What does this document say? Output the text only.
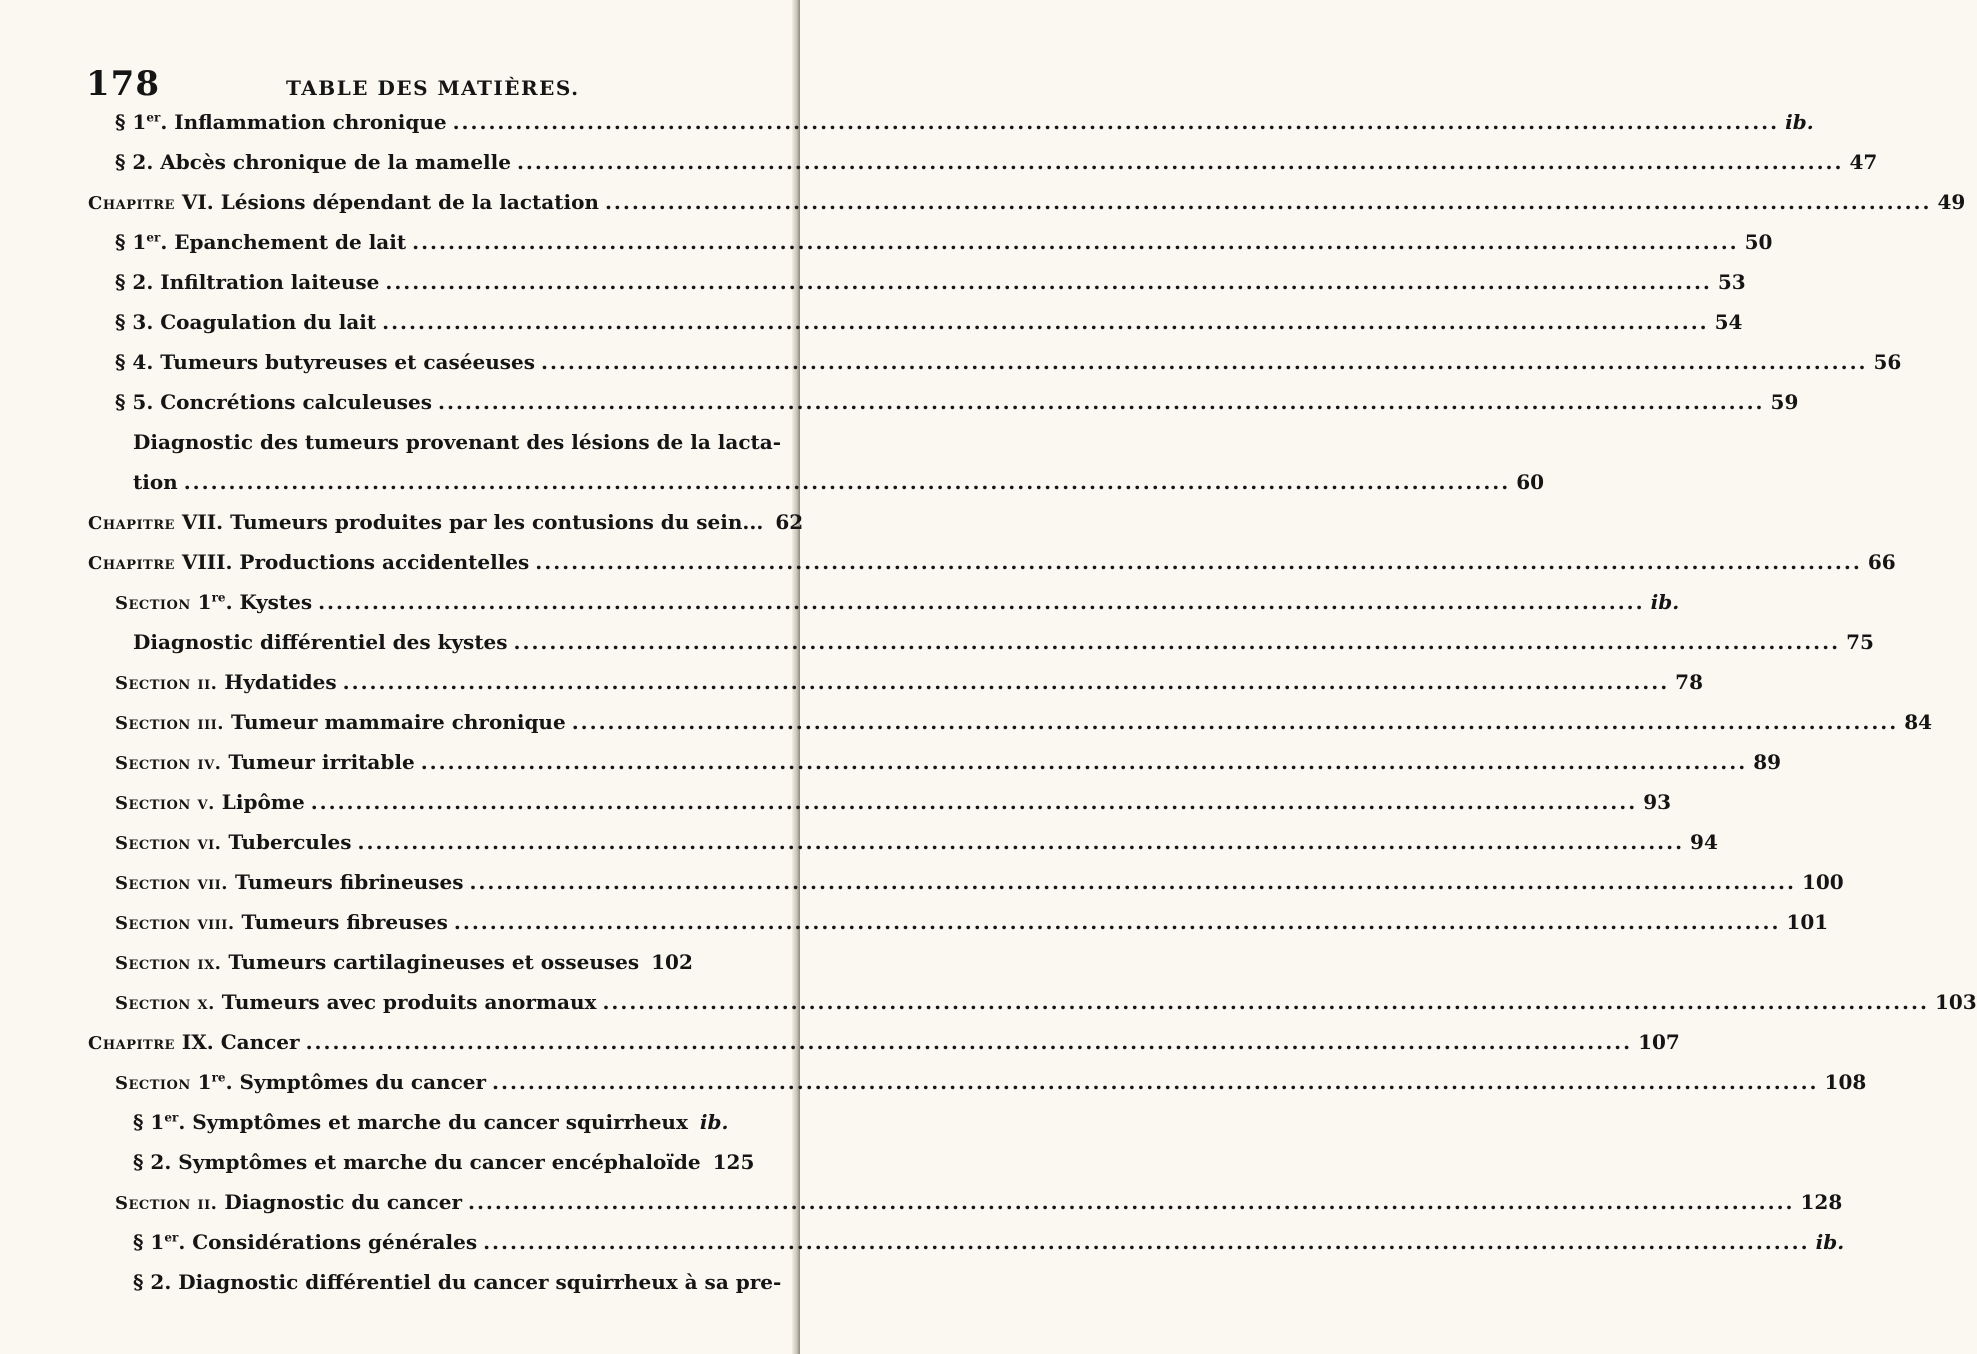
178	TABLE DES MATIÈRES.
§ 1er. Inflammation chronique .....	ib.
§ 2. Abcès chronique de la mamelle .....	47
Chapitre VI. Lésions dépendant de la lactation .....	49
§ 1er. Epanchement de lait .....	50
§ 2. Infiltration laiteuse .....	53
§ 3. Coagulation du lait .....	54
§ 4. Tumeurs butyreuses et caséeuses .....	56
§ 5. Concrétions calculeuses .....	59
Diagnostic des tumeurs provenant des lésions de la lacta-
tion .....	60
Chapitre VII. Tumeurs produites par les contusions du sein... 62
Chapitre VIII. Productions accidentelles .....	66
Section 1re. Kystes .....	ib.
Diagnostic différentiel des kystes .....	75
Section ii. Hydatides .....	78
Section iii. Tumeur mammaire chronique .....	84
Section iv. Tumeur irritable .....	89
Section v. Lipôme .....	93
Section vi. Tubercules .....	94
Section vii. Tumeurs fibrineuses .....	100
Section viii. Tumeurs fibreuses .....	101
Section ix. Tumeurs cartilagineuses et osseuses 102
Section x. Tumeurs avec produits anormaux .....	103
Chapitre IX. Cancer .....	107
Section 1re. Symptômes du cancer .....	108
§ 1er. Symptômes et marche du cancer squirrheux ib.
§ 2. Symptômes et marche du cancer encéphaloïde 125
Section ii. Diagnostic du cancer .....	128
§ 1er. Considérations générales .....	ib.
§ 2. Diagnostic différentiel du cancer squirrheux à sa pre-
